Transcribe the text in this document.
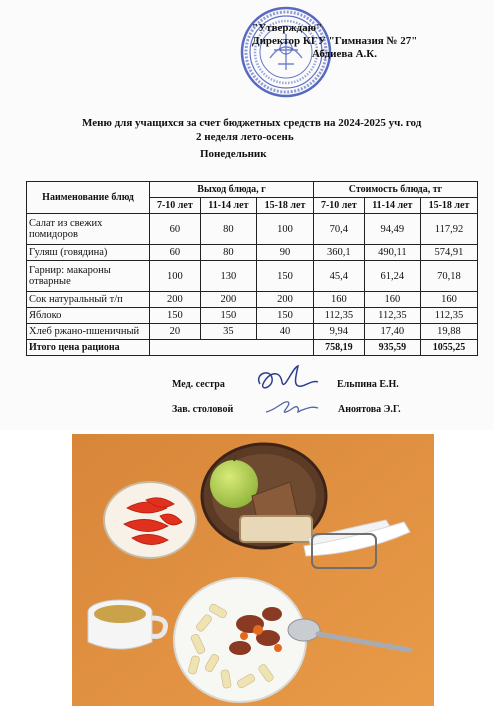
"Утверждаю"
Директор КГУ "Гимназия № 27"
Абдиева А.К.
Меню для учащихся за счет бюджетных средств на 2024-2025 уч. год
2 неделя лето-осень
Понедельник
Наименование блюд	Выход блюда, г			Стоимость блюда, тг		
	7-10 лет	11-14 лет	15-18 лет	7-10 лет	11-14 лет	15-18 лет
Салат из свежих помидоров	60	80	100	70,4	94,49	117,92
Гуляш (говядина)	60	80	90	360,1	490,11	574,91
Гарнир: макароны отварные	100	130	150	45,4	61,24	70,18
Сок натуральный т/п	200	200	200	160	160	160
Яблоко	150	150	150	112,35	112,35	112,35
Хлеб ржано-пшеничный	20	35	40	9,94	17,40	19,88
Итого цена рациона				758,19	935,59	1055,25
Мед. сестра	Ельпина Е.Н.
Зав. столовой	Аноятова Э.Г.
